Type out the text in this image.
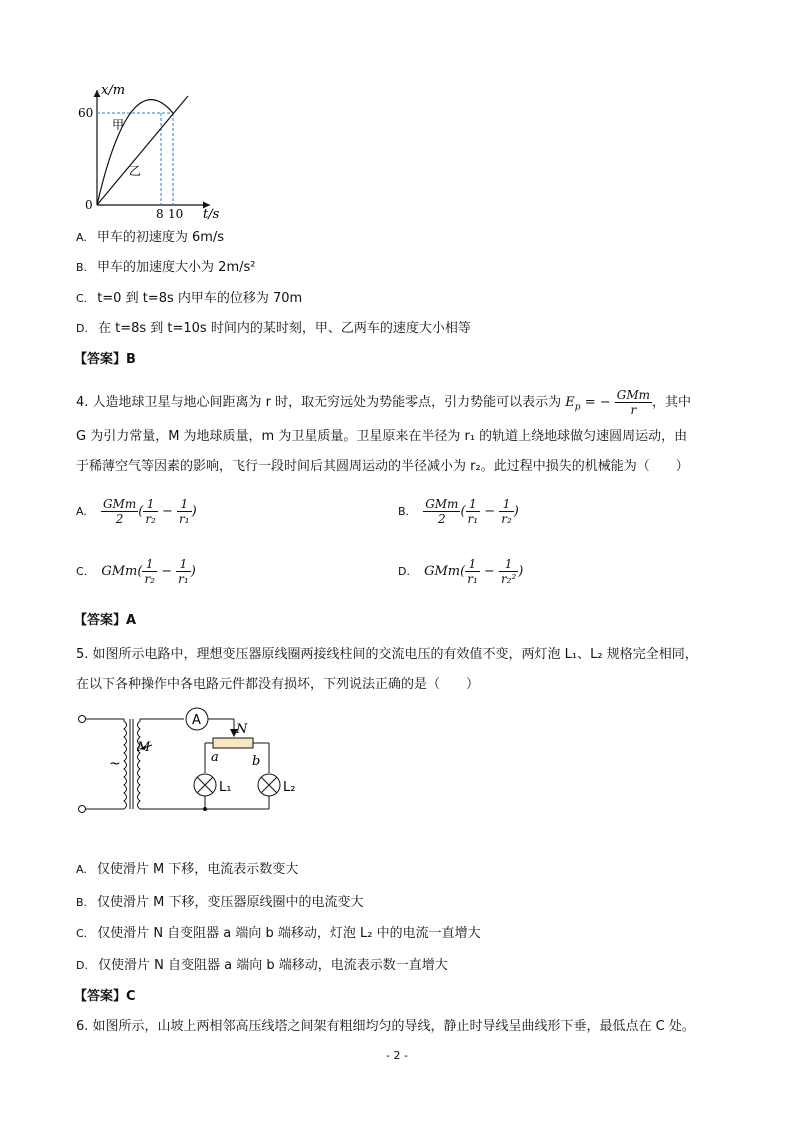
x/m
60
0
8 10 t/s
甲
乙
A. 甲车的初速度为 6m/s
B. 甲车的加速度大小为 2m/s²
C. t=0 到 t=8s 内甲车的位移为 70m
D. 在 t=8s 到 t=10s 时间内的某时刻，甲、乙两车的速度大小相等
【答案】B
4. 人造地球卫星与地心间距离为 r 时，取无穷远处为势能零点，引力势能可以表示为 $E_p$ = − $\frac{\text{GMm}}{r}$ ，其中
G 为引力常量，M 为地球质量，m 为卫星质量。卫星原来在半径为 r₁ 的轨道上绕地球做匀速圆周运动，由
于稀薄空气等因素的影响，飞行一段时间后其圆周运动的半径减小为 r₂。此过程中损失的机械能为（　　）
A. $\frac{\text{GMm}}{2}$ ( $\frac{1}{\text{r₂}} - \frac{1}{\text{r₁}}$ )	B. $\frac{\text{GMm}}{2}$ ( $\frac{1}{\text{r₁}} - \frac{1}{\text{r₂}}$ )
C. $GMm( \frac{1}{\text{r₂}} - \frac{1}{\text{r₁}}$ )	D. $GMm( \frac{1}{\text{r₁}} - \frac{1}{\text{r₂²}}$ )
【答案】A
5. 如图所示电路中，理想变压器原线圈两接线柱间的交流电压的有效值不变，两灯泡 L₁、L₂ 规格完全相同，
在以下各种操作中各电路元件都没有损坏，下列说法正确的是（　　）
~
M
A
N
a	b
L₁	L₂
A. 仅使滑片 M 下移，电流表示数变大
B. 仅使滑片 M 下移，变压器原线圈中的电流变大
C. 仅使滑片 N 自变阻器 a 端向 b 端移动，灯泡 L₂ 中的电流一直增大
D. 仅使滑片 N 自变阻器 a 端向 b 端移动，电流表示数一直增大
【答案】C
6. 如图所示，山坡上两相邻高压线塔之间架有粗细均匀的导线，静止时导线呈曲线形下垂，最低点在 C 处。
- 2 -
